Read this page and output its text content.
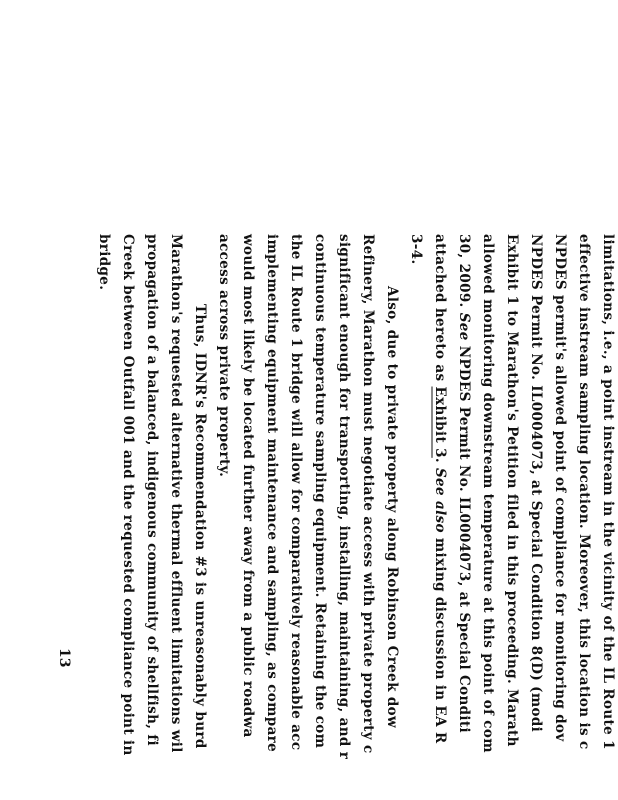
limitations, i.e., a point instream in the vicinity of the IL Route 1
effective instream sampling location. Moreover, this location is c
NPDES permit's allowed point of compliance for monitoring dov
NPDES Permit No. IL0004073, at Special Condition 8(D) (modi
Exhibit 1 to Marathon's Petition filed in this proceeding. Marath
allowed monitoring downstream temperature at this point of com
30, 2009. See NPDES Permit No. IL0004073, at Special Conditi
attached hereto as Exhibit 3. See also mixing discussion in EA R
3-4.
Also, due to private property along Robinson Creek dow
Refinery, Marathon must negotiate access with private property c
significant enough for transporting, installing, maintaining, and r
continuous temperature sampling equipment. Retaining the com
the IL Route 1 bridge will allow for comparatively reasonable acc
implementing equipment maintenance and sampling, as compare
would most likely be located further away from a public roadwa
access across private property.
Thus, IDNR's Recommendation #3 is unreasonably burd
Marathon's requested alternative thermal effluent limitations wil
propagation of a balanced, indigenous community of shellfish, fi
Creek between Outfall 001 and the requested compliance point in
bridge.
13
